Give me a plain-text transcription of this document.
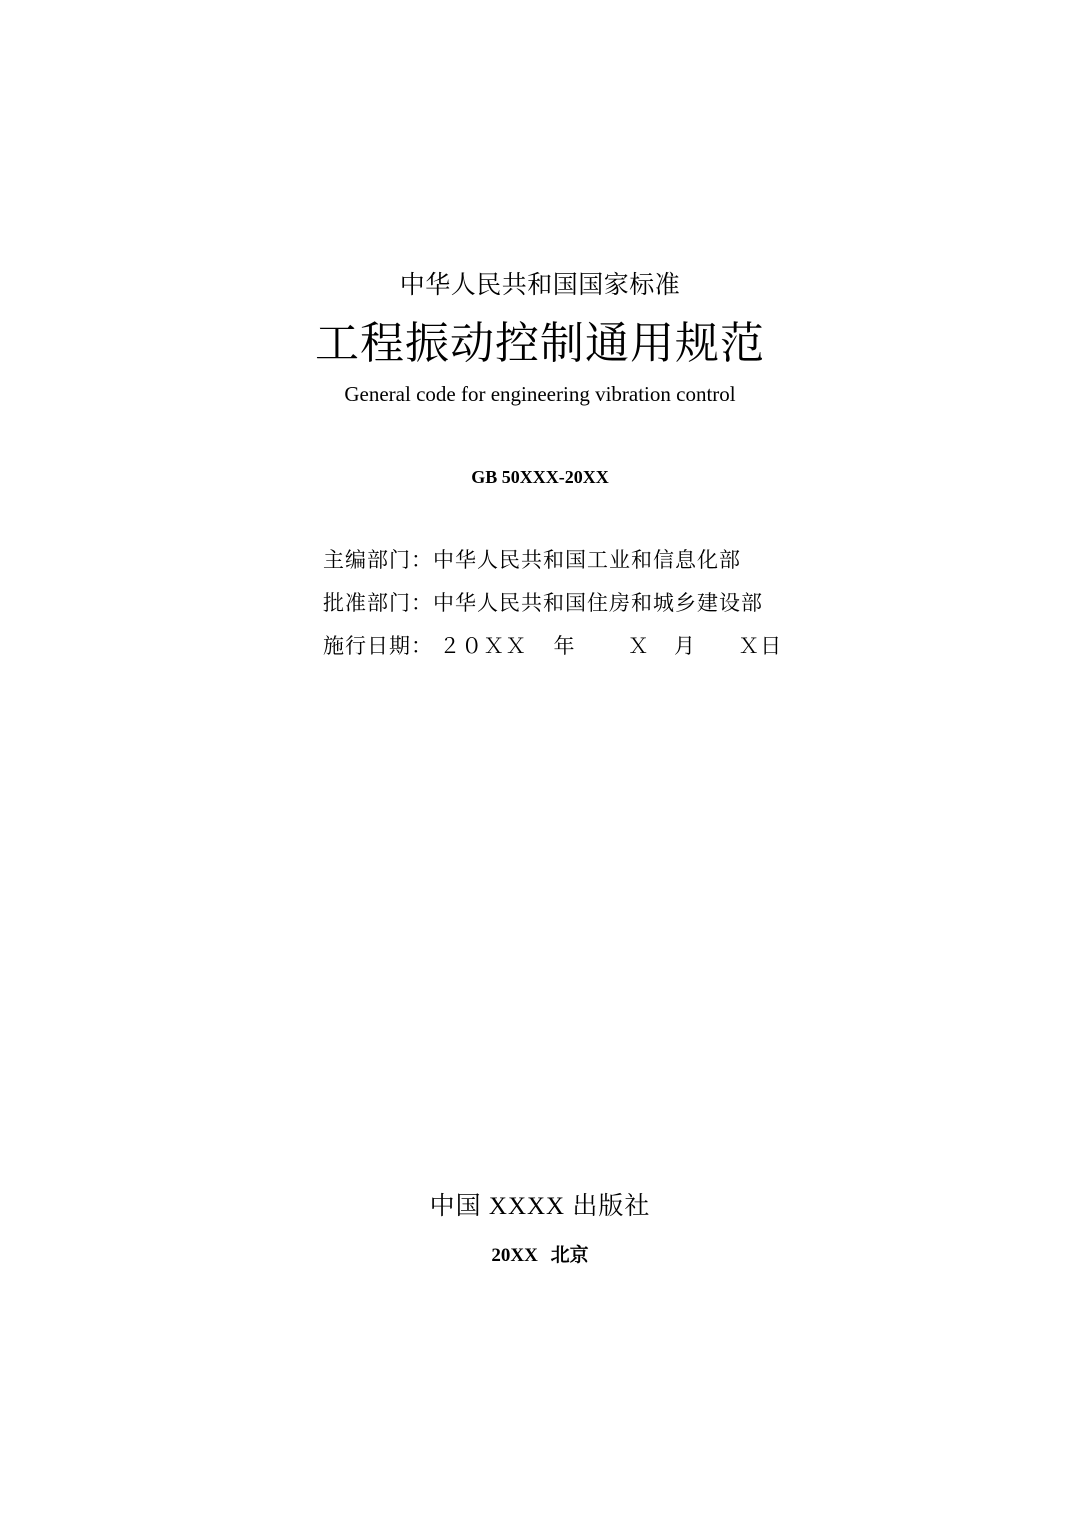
中华人民共和国国家标准
工程振动控制通用规范
General code for engineering vibration control
GB 50XXX-20XX
主编部门：中华人民共和国工业和信息化部
批准部门：中华人民共和国住房和城乡建设部
施行日期： ２０ＸＸ 年 Ｘ 月 Ｘ日
中国 XXXX 出版社
20XX 北京
